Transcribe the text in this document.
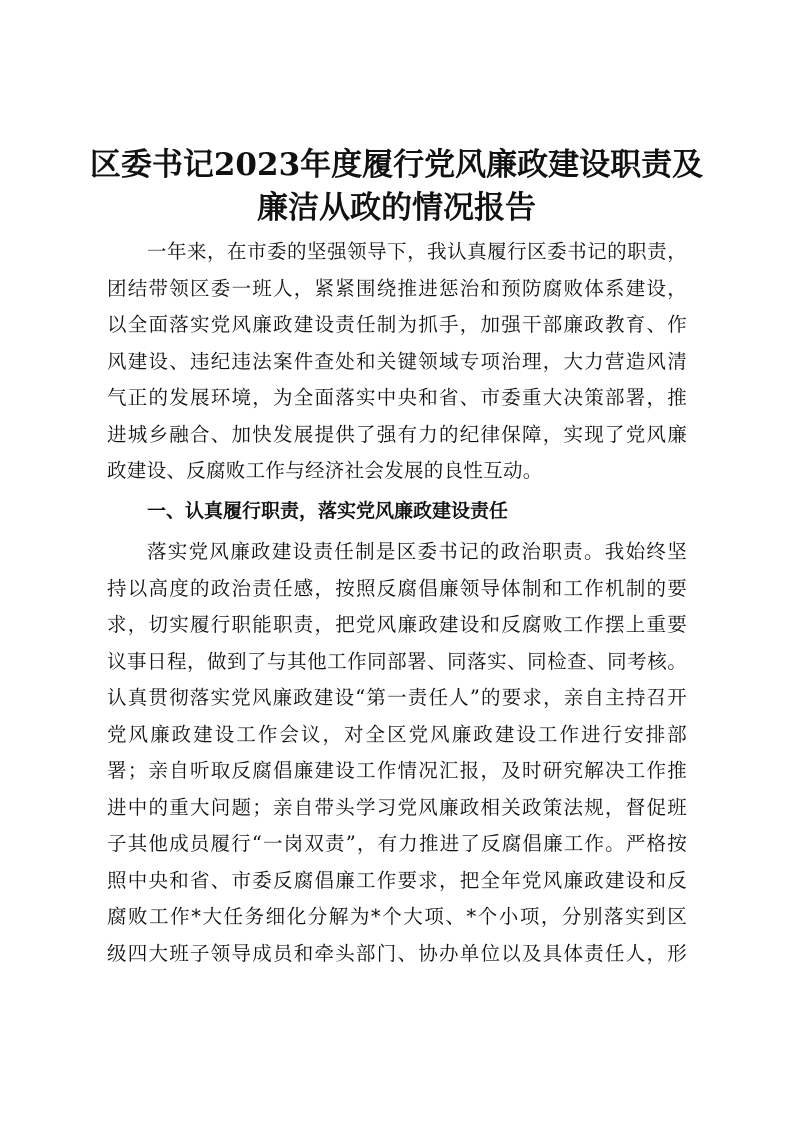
区委书记2023年度履行党风廉政建设职责及
廉洁从政的情况报告
一年来，在市委的坚强领导下，我认真履行区委书记的职责，
团结带领区委一班人，紧紧围绕推进惩治和预防腐败体系建设，
以全面落实党风廉政建设责任制为抓手，加强干部廉政教育、作
风建设、违纪违法案件查处和关键领域专项治理，大力营造风清
气正的发展环境，为全面落实中央和省、市委重大决策部署，推
进城乡融合、加快发展提供了强有力的纪律保障，实现了党风廉
政建设、反腐败工作与经济社会发展的良性互动。
一、认真履行职责，落实党风廉政建设责任
落实党风廉政建设责任制是区委书记的政治职责。我始终坚
持以高度的政治责任感，按照反腐倡廉领导体制和工作机制的要
求，切实履行职能职责，把党风廉政建设和反腐败工作摆上重要
议事日程，做到了与其他工作同部署、同落实、同检查、同考核。
认真贯彻落实党风廉政建设“第一责任人”的要求，亲自主持召开
党风廉政建设工作会议，对全区党风廉政建设工作进行安排部
署；亲自听取反腐倡廉建设工作情况汇报，及时研究解决工作推
进中的重大问题；亲自带头学习党风廉政相关政策法规，督促班
子其他成员履行“一岗双责”，有力推进了反腐倡廉工作。严格按
照中央和省、市委反腐倡廉工作要求，把全年党风廉政建设和反
腐败工作*大任务细化分解为*个大项、*个小项，分别落实到区
级四大班子领导成员和牵头部门、协办单位以及具体责任人，形
